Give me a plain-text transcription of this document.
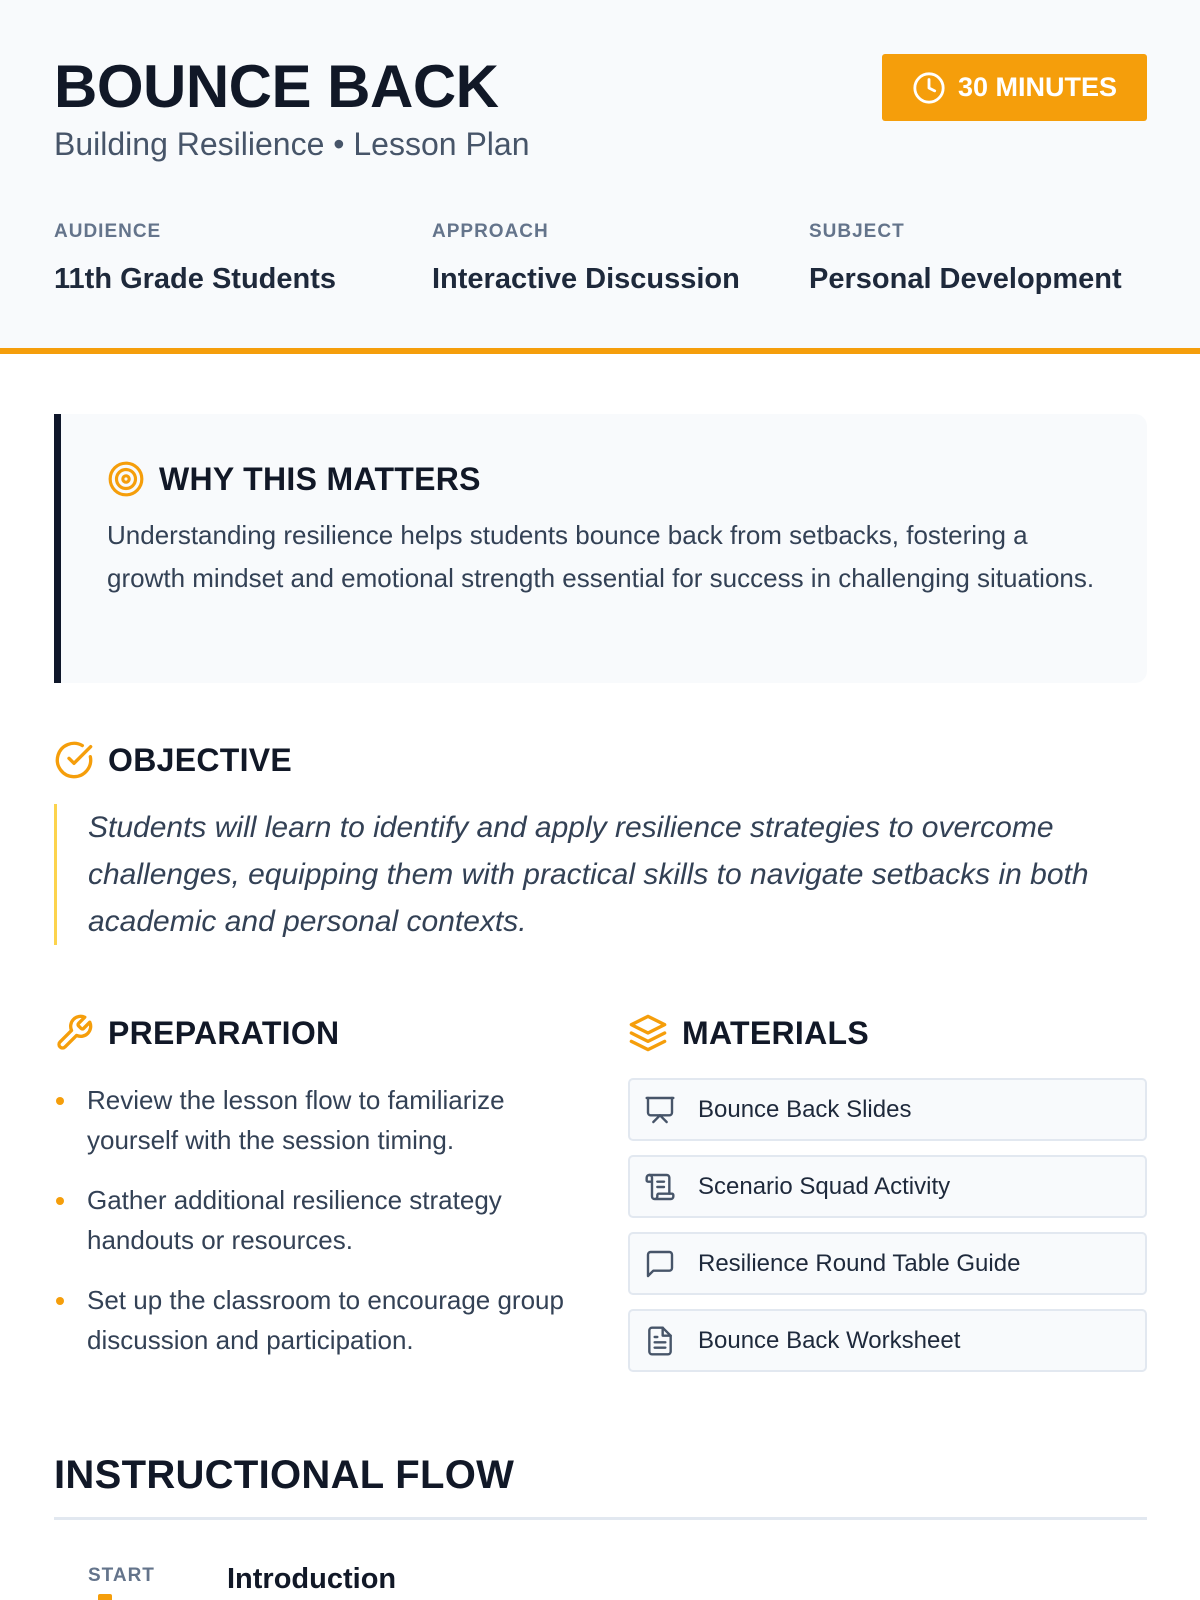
BOUNCE BACK
Building Resilience • Lesson Plan
30 MINUTES
AUDIENCE
11th Grade Students
APPROACH
Interactive Discussion
SUBJECT
Personal Development
WHY THIS MATTERS
Understanding resilience helps students bounce back from setbacks, fostering a growth mindset and emotional strength essential for success in challenging situations.
OBJECTIVE
Students will learn to identify and apply resilience strategies to overcome challenges, equipping them with practical skills to navigate setbacks in both academic and personal contexts.
PREPARATION
Review the lesson flow to familiarize yourself with the session timing.
Gather additional resilience strategy handouts or resources.
Set up the classroom to encourage group discussion and participation.
MATERIALS
Bounce Back Slides
Scenario Squad Activity
Resilience Round Table Guide
Bounce Back Worksheet
INSTRUCTIONAL FLOW
START Introduction
